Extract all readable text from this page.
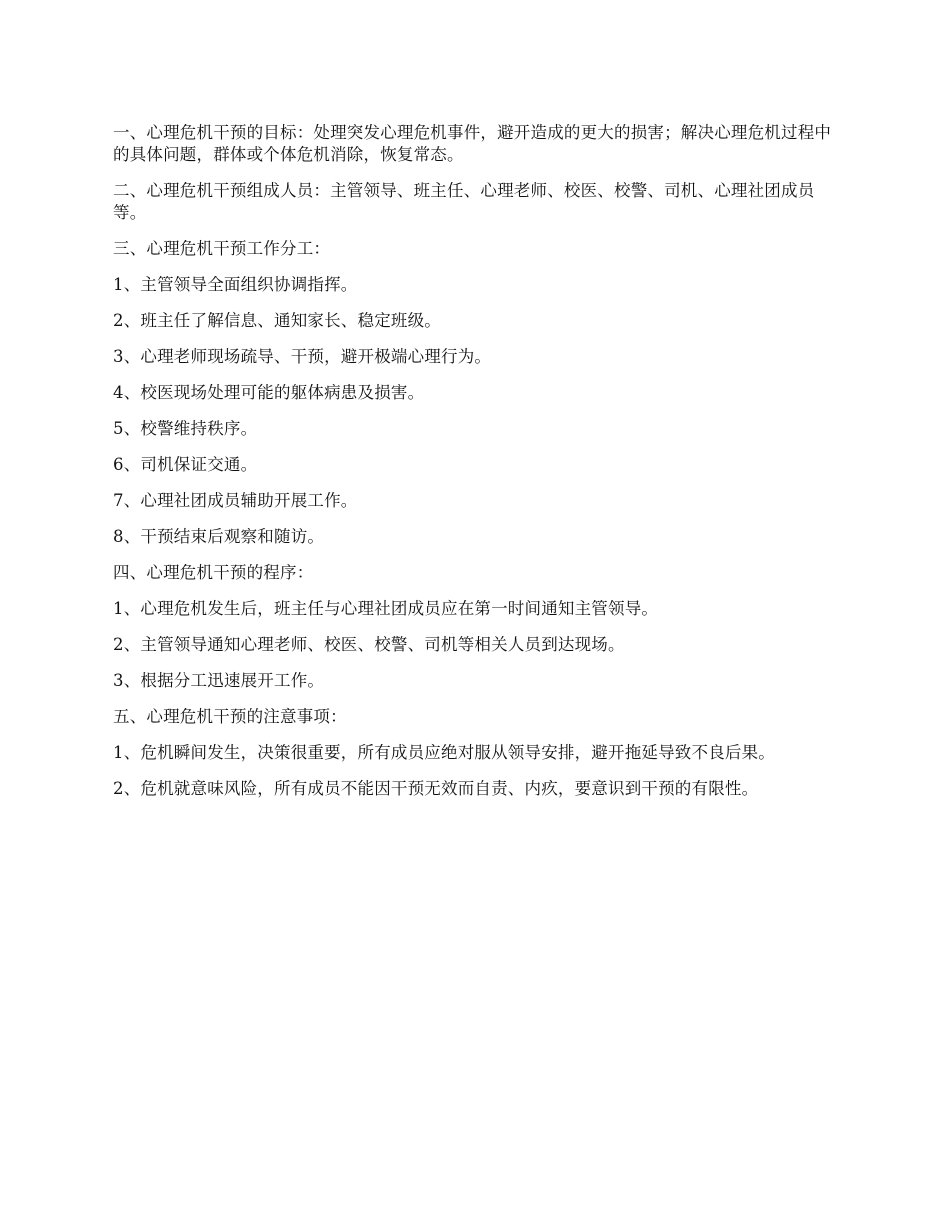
一、心理危机干预的目标：处理突发心理危机事件，避开造成的更大的损害；解决心理危机过程中的具体问题，群体或个体危机消除，恢复常态。

二、心理危机干预组成人员：主管领导、班主任、心理老师、校医、校警、司机、心理社团成员等。

三、心理危机干预工作分工：

1、主管领导全面组织协调指挥。

2、班主任了解信息、通知家长、稳定班级。

3、心理老师现场疏导、干预，避开极端心理行为。

4、校医现场处理可能的躯体病患及损害。

5、校警维持秩序。

6、司机保证交通。

7、心理社团成员辅助开展工作。

8、干预结束后观察和随访。

四、心理危机干预的程序：

1、心理危机发生后，班主任与心理社团成员应在第一时间通知主管领导。

2、主管领导通知心理老师、校医、校警、司机等相关人员到达现场。

3、根据分工迅速展开工作。

五、心理危机干预的注意事项：

1、危机瞬间发生，决策很重要，所有成员应绝对服从领导安排，避开拖延导致不良后果。

2、危机就意味风险，所有成员不能因干预无效而自责、内疚，要意识到干预的有限性。
